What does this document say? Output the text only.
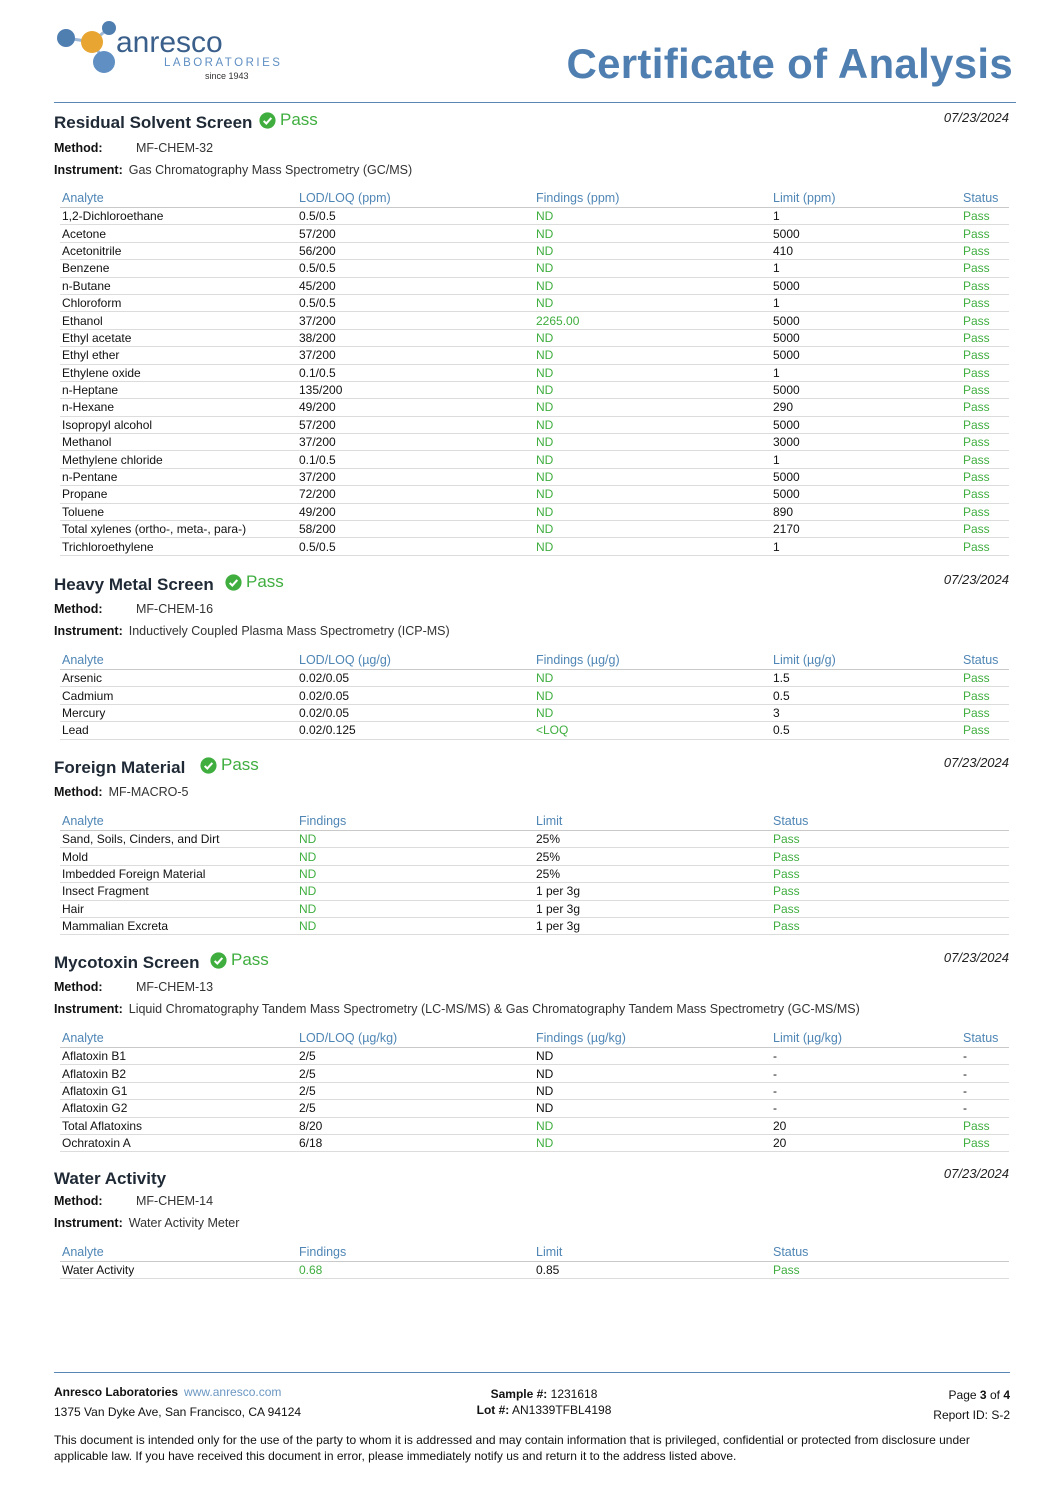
anresco
LABORATORIES
since 1943	Certificate of Analysis
Residual Solvent Screen Pass	07/23/2024
Method:	MF-CHEM-32
Instrument: Gas Chromatography Mass Spectrometry (GC/MS)
Analyte	LOD/LOQ (ppm)	Findings (ppm)	Limit (ppm)	Status
1,2-Dichloroethane	0.5/0.5	ND	1	Pass
Acetone	57/200	ND	5000	Pass
Acetonitrile	56/200	ND	410	Pass
Benzene	0.5/0.5	ND	1	Pass
n-Butane	45/200	ND	5000	Pass
Chloroform	0.5/0.5	ND	1	Pass
Ethanol	37/200	2265.00	5000	Pass
Ethyl acetate	38/200	ND	5000	Pass
Ethyl ether	37/200	ND	5000	Pass
Ethylene oxide	0.1/0.5	ND	1	Pass
n-Heptane	135/200	ND	5000	Pass
n-Hexane	49/200	ND	290	Pass
Isopropyl alcohol	57/200	ND	5000	Pass
Methanol	37/200	ND	3000	Pass
Methylene chloride	0.1/0.5	ND	1	Pass
n-Pentane	37/200	ND	5000	Pass
Propane	72/200	ND	5000	Pass
Toluene	49/200	ND	890	Pass
Total xylenes (ortho-, meta-, para-)	58/200	ND	2170	Pass
Trichloroethylene	0.5/0.5	ND	1	Pass
Heavy Metal Screen Pass	07/23/2024
Method:	MF-CHEM-16
Instrument: Inductively Coupled Plasma Mass Spectrometry (ICP-MS)
Analyte	LOD/LOQ (µg/g)	Findings (µg/g)	Limit (µg/g)	Status
Arsenic	0.02/0.05	ND	1.5	Pass
Cadmium	0.02/0.05	ND	0.5	Pass
Mercury	0.02/0.05	ND	3	Pass
Lead	0.02/0.125	<LOQ	0.5	Pass
Foreign Material Pass	07/23/2024
Method: MF-MACRO-5
Analyte	Findings	Limit	Status
Sand, Soils, Cinders, and Dirt	ND	25%	Pass
Mold	ND	25%	Pass
Imbedded Foreign Material	ND	25%	Pass
Insect Fragment	ND	1 per 3g	Pass
Hair	ND	1 per 3g	Pass
Mammalian Excreta	ND	1 per 3g	Pass
Mycotoxin Screen Pass	07/23/2024
Method:	MF-CHEM-13
Instrument: Liquid Chromatography Tandem Mass Spectrometry (LC-MS/MS) & Gas Chromatography Tandem Mass Spectrometry (GC-MS/MS)
Analyte	LOD/LOQ (µg/kg)	Findings (µg/kg)	Limit (µg/kg)	Status
Aflatoxin B1	2/5	ND	-	-
Aflatoxin B2	2/5	ND	-	-
Aflatoxin G1	2/5	ND	-	-
Aflatoxin G2	2/5	ND	-	-
Total Aflatoxins	8/20	ND	20	Pass
Ochratoxin A	6/18	ND	20	Pass
Water Activity	07/23/2024
Method:	MF-CHEM-14
Instrument: Water Activity Meter
Analyte	Findings	Limit	Status
Water Activity	0.68	0.85	Pass
Anresco Laboratories www.anresco.com
1375 Van Dyke Ave, San Francisco, CA 94124
Sample #: 1231618
Lot #: AN1339TFBL4198
Page 3 of 4
Report ID: S-2
This document is intended only for the use of the party to whom it is addressed and may contain information that is privileged, confidential or protected from disclosure under applicable law. If you have received this document in error, please immediately notify us and return it to the address listed above.
